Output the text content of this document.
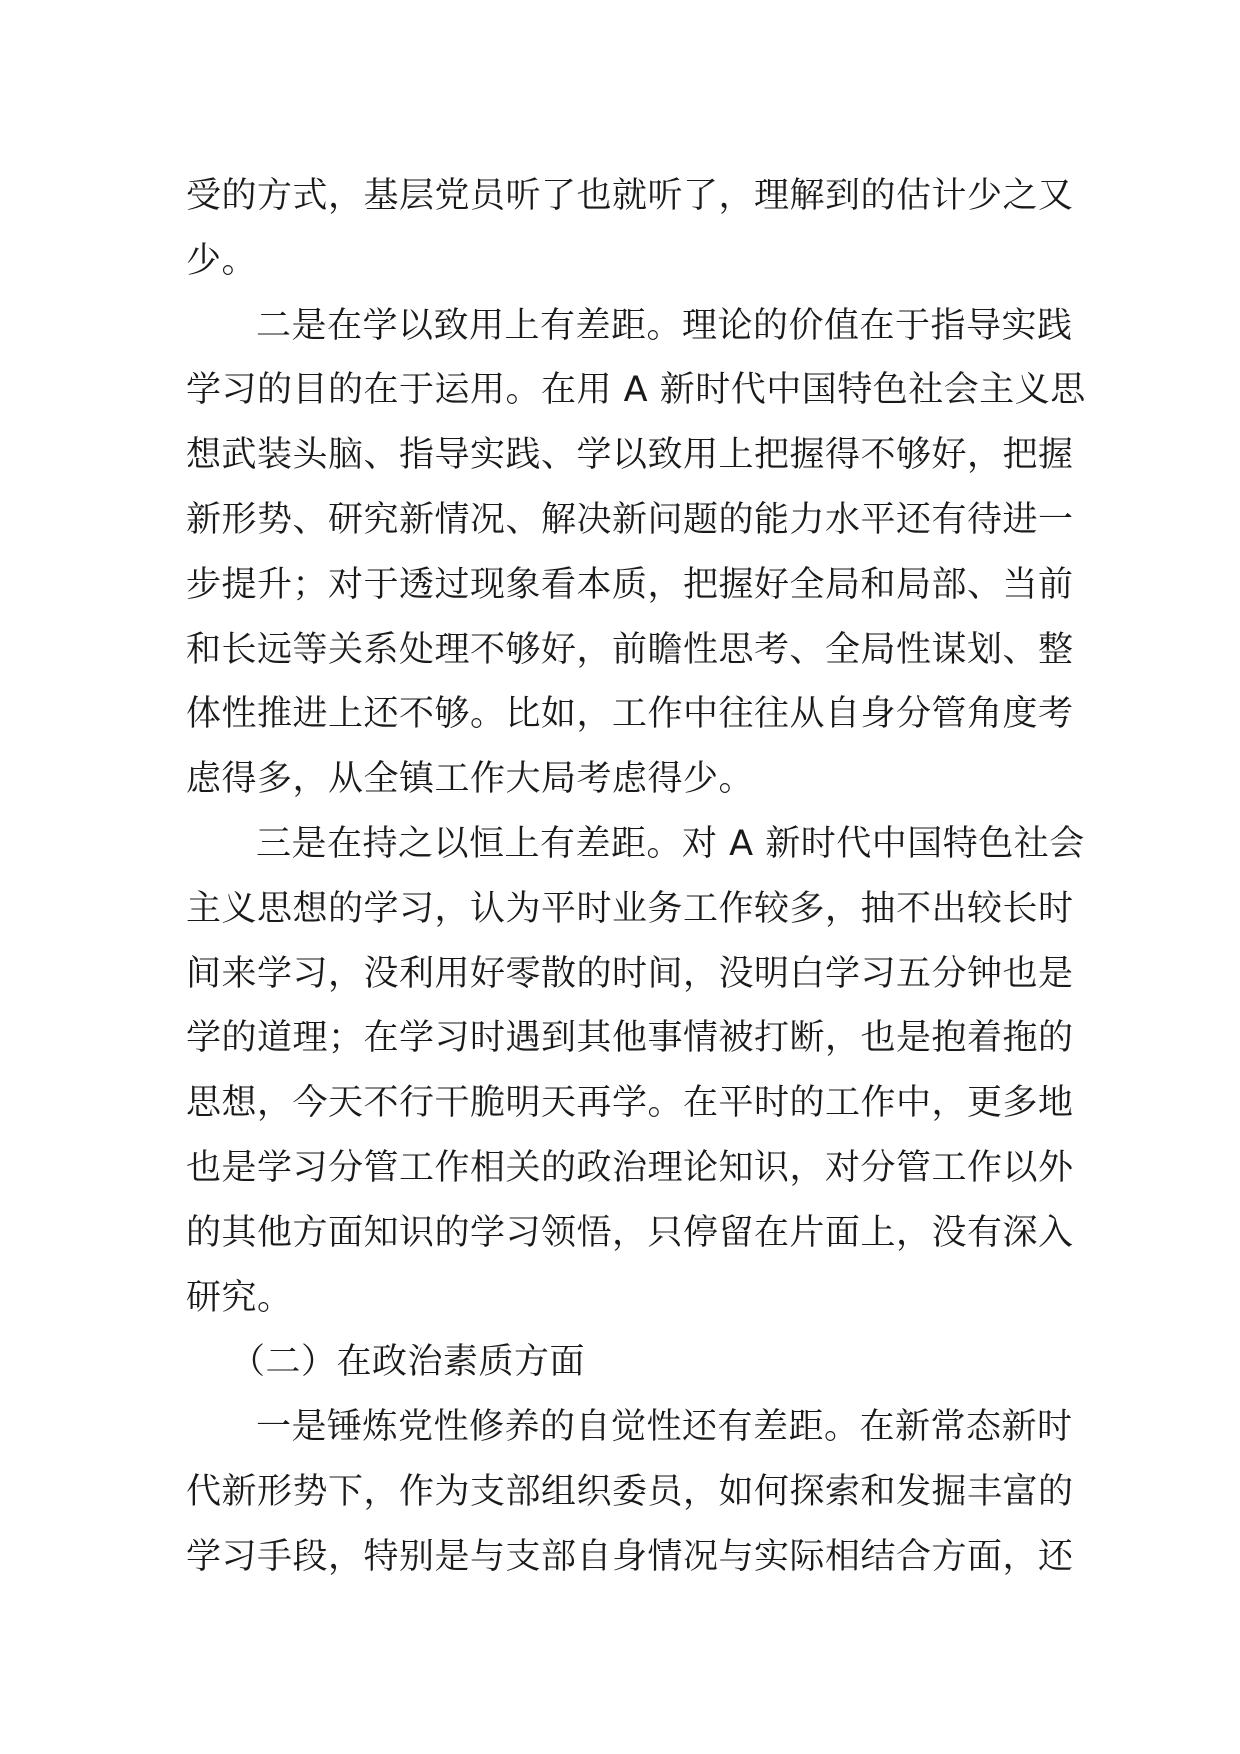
受的方式，基层党员听了也就听了，理解到的估计少之又
少。
二是在学以致用上有差距。理论的价值在于指导实践
学习的目的在于运用。在用 A 新时代中国特色社会主义思
想武装头脑、指导实践、学以致用上把握得不够好，把握
新形势、研究新情况、解决新问题的能力水平还有待进一
步提升；对于透过现象看本质，把握好全局和局部、当前
和长远等关系处理不够好，前瞻性思考、全局性谋划、整
体性推进上还不够。比如，工作中往往从自身分管角度考
虑得多，从全镇工作大局考虑得少。
三是在持之以恒上有差距。对 A 新时代中国特色社会
主义思想的学习，认为平时业务工作较多，抽不出较长时
间来学习，没利用好零散的时间，没明白学习五分钟也是
学的道理；在学习时遇到其他事情被打断，也是抱着拖的
思想，今天不行干脆明天再学。在平时的工作中，更多地
也是学习分管工作相关的政治理论知识，对分管工作以外
的其他方面知识的学习领悟，只停留在片面上，没有深入
研究。
（二）在政治素质方面
一是锤炼党性修养的自觉性还有差距。在新常态新时
代新形势下，作为支部组织委员，如何探索和发掘丰富的
学习手段，特别是与支部自身情况与实际相结合方面，还
